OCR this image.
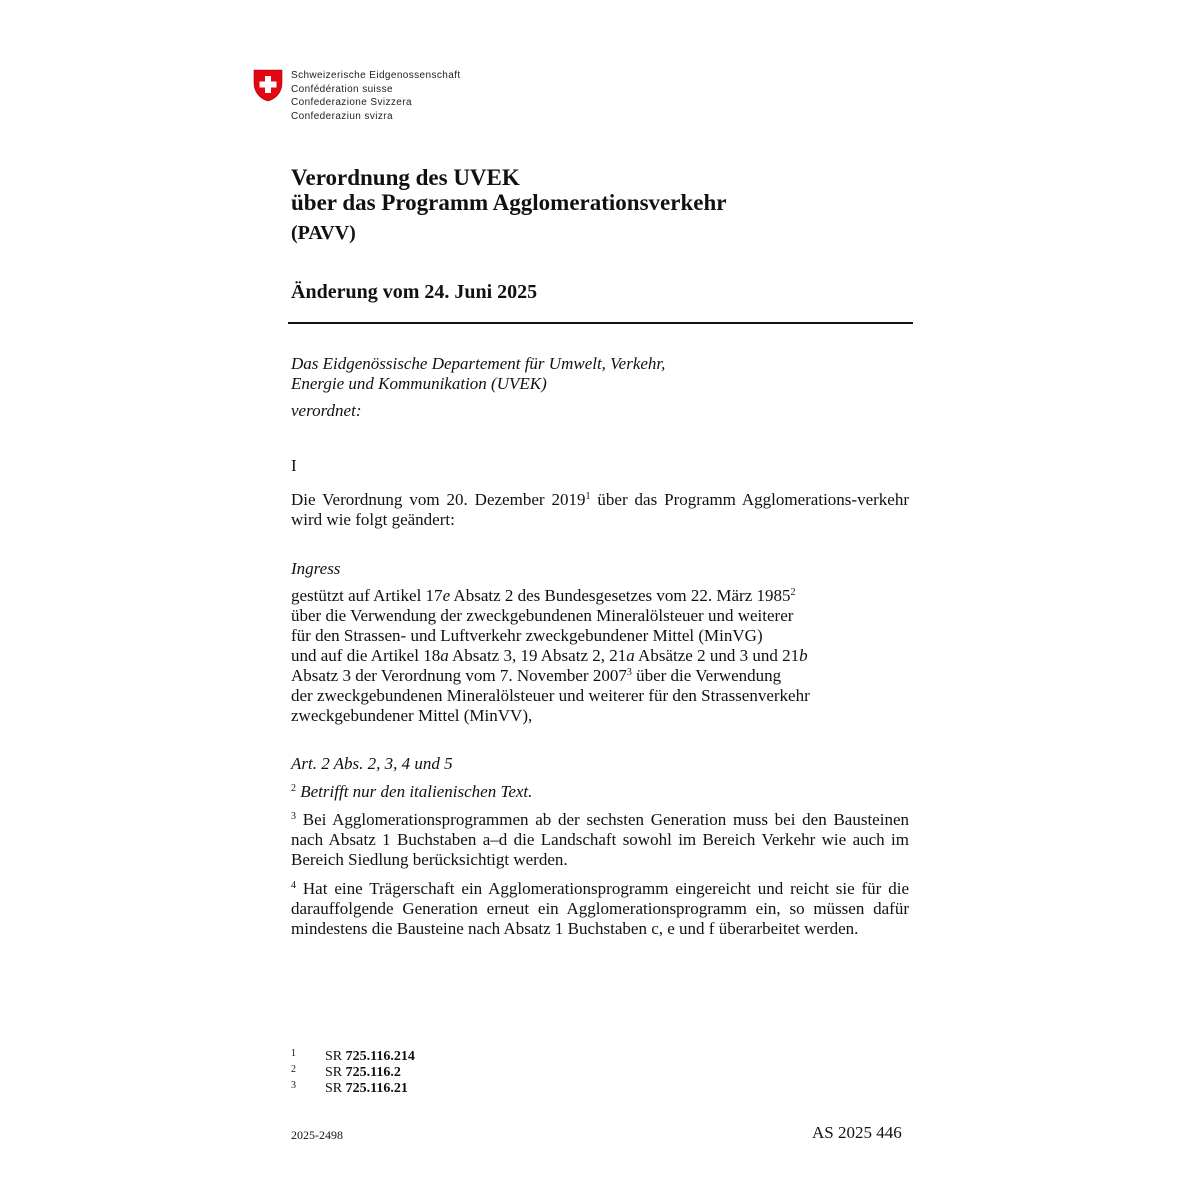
Schweizerische Eidgenossenschaft
Confédération suisse
Confederazione Svizzera
Confederaziun svizra
Verordnung des UVEK
über das Programm Agglomerationsverkehr
(PAVV)
Änderung vom 24. Juni 2025
Das Eidgenössische Departement für Umwelt, Verkehr,
Energie und Kommunikation (UVEK)
verordnet:
I
Die Verordnung vom 20. Dezember 2019$^1$ über das Programm Agglomerations-verkehr wird wie folgt geändert:
Ingress
gestützt auf Artikel 17e Absatz 2 des Bundesgesetzes vom 22. März 1985$^2$
über die Verwendung der zweckgebundenen Mineralölsteuer und weiterer
für den Strassen- und Luftverkehr zweckgebundener Mittel (MinVG)
und auf die Artikel 18a Absatz 3, 19 Absatz 2, 21a Absätze 2 und 3 und 21b
Absatz 3 der Verordnung vom 7. November 2007$^3$ über die Verwendung
der zweckgebundenen Mineralölsteuer und weiterer für den Strassenverkehr
zweckgebundener Mittel (MinVV),
Art. 2 Abs. 2, 3, 4 und 5
$^2$ Betrifft nur den italienischen Text.
$^3$ Bei Agglomerationsprogrammen ab der sechsten Generation muss bei den Bausteinen nach Absatz 1 Buchstaben a–d die Landschaft sowohl im Bereich Verkehr wie auch im Bereich Siedlung berücksichtigt werden.
$^4$ Hat eine Trägerschaft ein Agglomerationsprogramm eingereicht und reicht sie für die darauffolgende Generation erneut ein Agglomerationsprogramm ein, so müssen dafür mindestens die Bausteine nach Absatz 1 Buchstaben c, e und f überarbeitet werden.
1 SR 725.116.214
2 SR 725.116.2
3 SR 725.116.21
2025-2498	AS 2025 446
